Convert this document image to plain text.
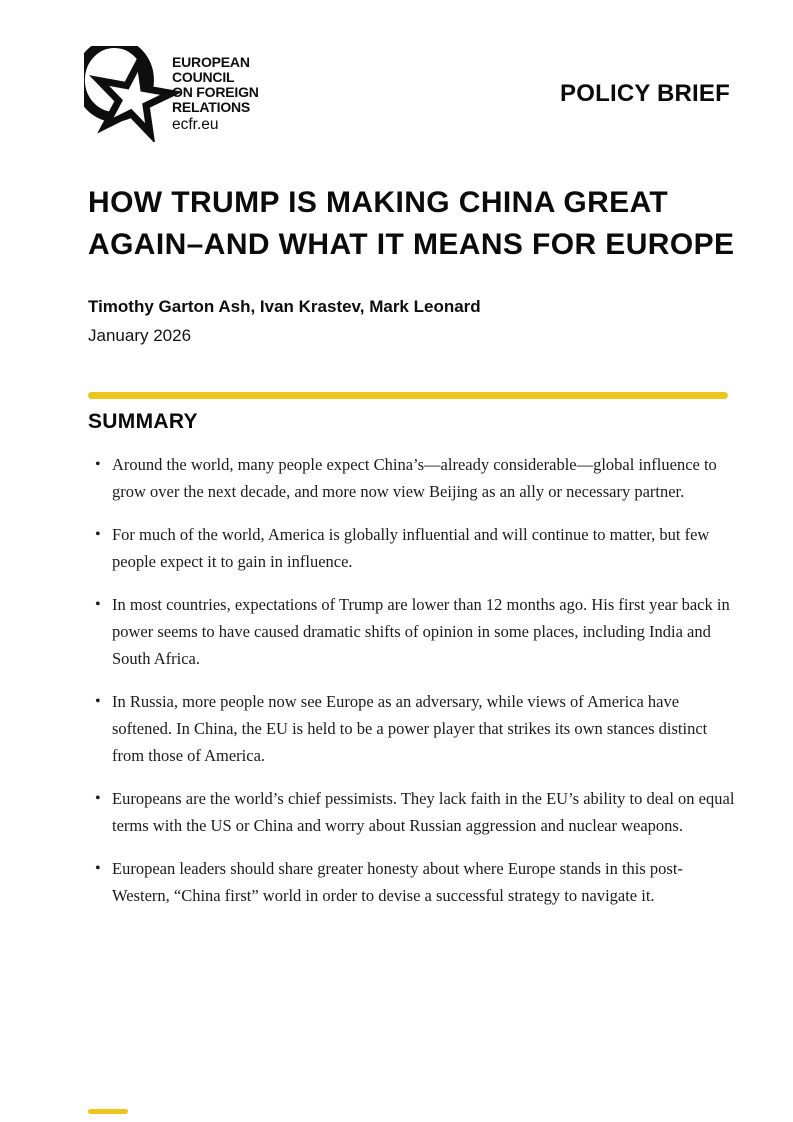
EUROPEAN
COUNCIL
ON FOREIGN
RELATIONS
ecfr.eu
POLICY BRIEF
HOW TRUMP IS MAKING CHINA GREAT
AGAIN–AND WHAT IT MEANS FOR EUROPE
Timothy Garton Ash, Ivan Krastev, Mark Leonard
January 2026
SUMMARY
• Around the world, many people expect China’s—already considerable—global influence to grow over the next decade, and more now view Beijing as an ally or necessary partner.
• For much of the world, America is globally influential and will continue to matter, but few people expect it to gain in influence.
• In most countries, expectations of Trump are lower than 12 months ago. His first year back in power seems to have caused dramatic shifts of opinion in some places, including India and South Africa.
• In Russia, more people now see Europe as an adversary, while views of America have softened. In China, the EU is held to be a power player that strikes its own stances distinct from those of America.
• Europeans are the world’s chief pessimists. They lack faith in the EU’s ability to deal on equal terms with the US or China and worry about Russian aggression and nuclear weapons.
• European leaders should share greater honesty about where Europe stands in this post-Western, “China first” world in order to devise a successful strategy to navigate it.
